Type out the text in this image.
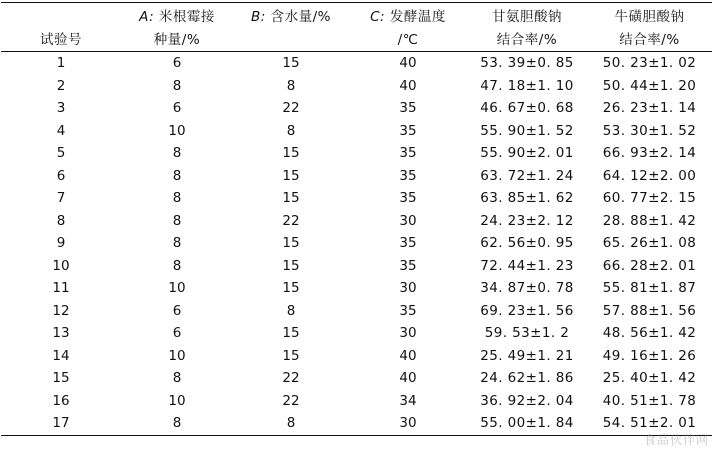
	A: 米根霉接	B: 含水量/%	C: 发酵温度	甘氨胆酸钠	牛磺胆酸钠
试验号	种量/%		/℃	结合率/%	结合率/%
1	6	15	40	53. 39±0. 85	50. 23±1. 02
2	8	8	40	47. 18±1. 10	50. 44±1. 20
3	6	22	35	46. 67±0. 68	26. 23±1. 14
4	10	8	35	55. 90±1. 52	53. 30±1. 52
5	8	15	35	55. 90±2. 01	66. 93±2. 14
6	8	15	35	63. 72±1. 24	64. 12±2. 00
7	8	15	35	63. 85±1. 62	60. 77±2. 15
8	8	22	30	24. 23±2. 12	28. 88±1. 42
9	8	15	35	62. 56±0. 95	65. 26±1. 08
10	8	15	35	72. 44±1. 23	66. 28±2. 01
11	10	15	30	34. 87±0. 78	55. 81±1. 87
12	6	8	35	69. 23±1. 56	57. 88±1. 56
13	6	15	30	59. 53±1. 2	48. 56±1. 42
14	10	15	40	25. 49±1. 21	49. 16±1. 26
15	8	22	40	24. 62±1. 86	25. 40±1. 42
16	10	22	34	36. 92±2. 04	40. 51±1. 78
17	8	8	30	55. 00±1. 84	54. 51±2. 01
食品伙伴网
